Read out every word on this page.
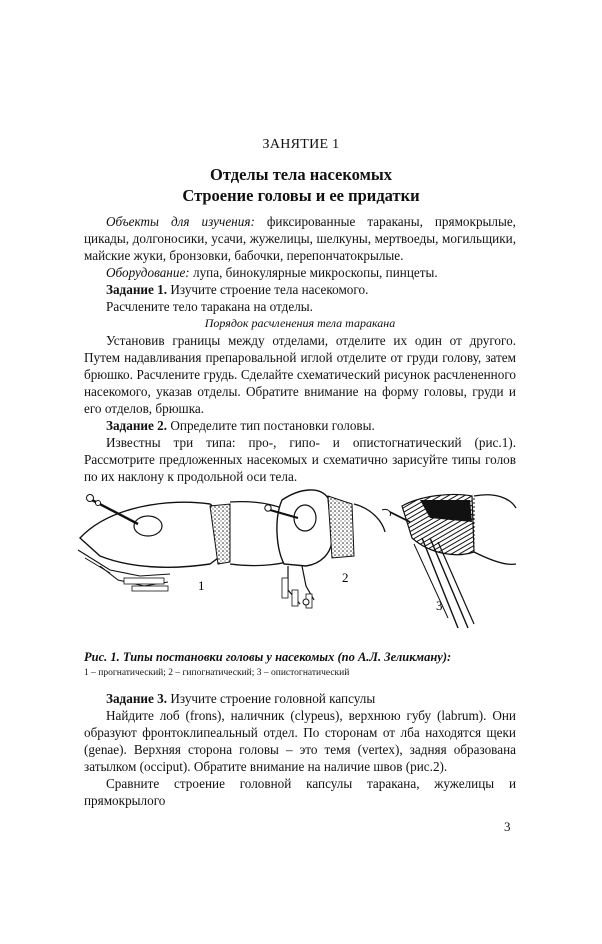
ЗАНЯТИЕ 1
Отделы тела насекомых
Строение головы и ее придатки

Объекты для изучения: фиксированные тараканы, прямокрылые, цикады, долгоносики, усачи, жужелицы, шелкуны, мертвоеды, могильщики, майские жуки, бронзовки, бабочки, перепончатокрылые.

Оборудование: лупа, бинокулярные микроскопы, пинцеты.

Задание 1. Изучите строение тела насекомого.

Расчлените тело таракана на отделы.

Порядок расчленения тела таракана

Установив границы между отделами, отделите их один от другого. Путем надавливания препаровальной иглой отделите от груди голову, затем брюшко. Расчлените грудь. Сделайте схематический рисунок расчлененного насекомого, указав отделы. Обратите внимание на форму головы, груди и его отделов, брюшка.

Задание 2. Определите тип постановки головы.

Известны три типа: про-, гипо- и опистогнатический (рис.1). Рассмотрите предложенных насекомых и схематично зарисуйте типы голов по их наклону к продольной оси тела.

1
2
3
Рис. 1. Типы постановки головы у насекомых (по А.Л. Зеликману):
1 – прогнатический; 2 – гипогнатический; 3 – опистогнатический

Задание 3. Изучите строение головной капсулы

Найдите лоб (frons), наличник (clypeus), верхнюю губу (labrum). Они образуют фронтоклипеальный отдел. По сторонам от лба находятся щеки (genae). Верхняя сторона головы – это темя (vertex), задняя образована затылком (occiput). Обратите внимание на наличие швов (рис.2).

Сравните строение головной капсулы таракана, жужелицы и прямокрылого

3
